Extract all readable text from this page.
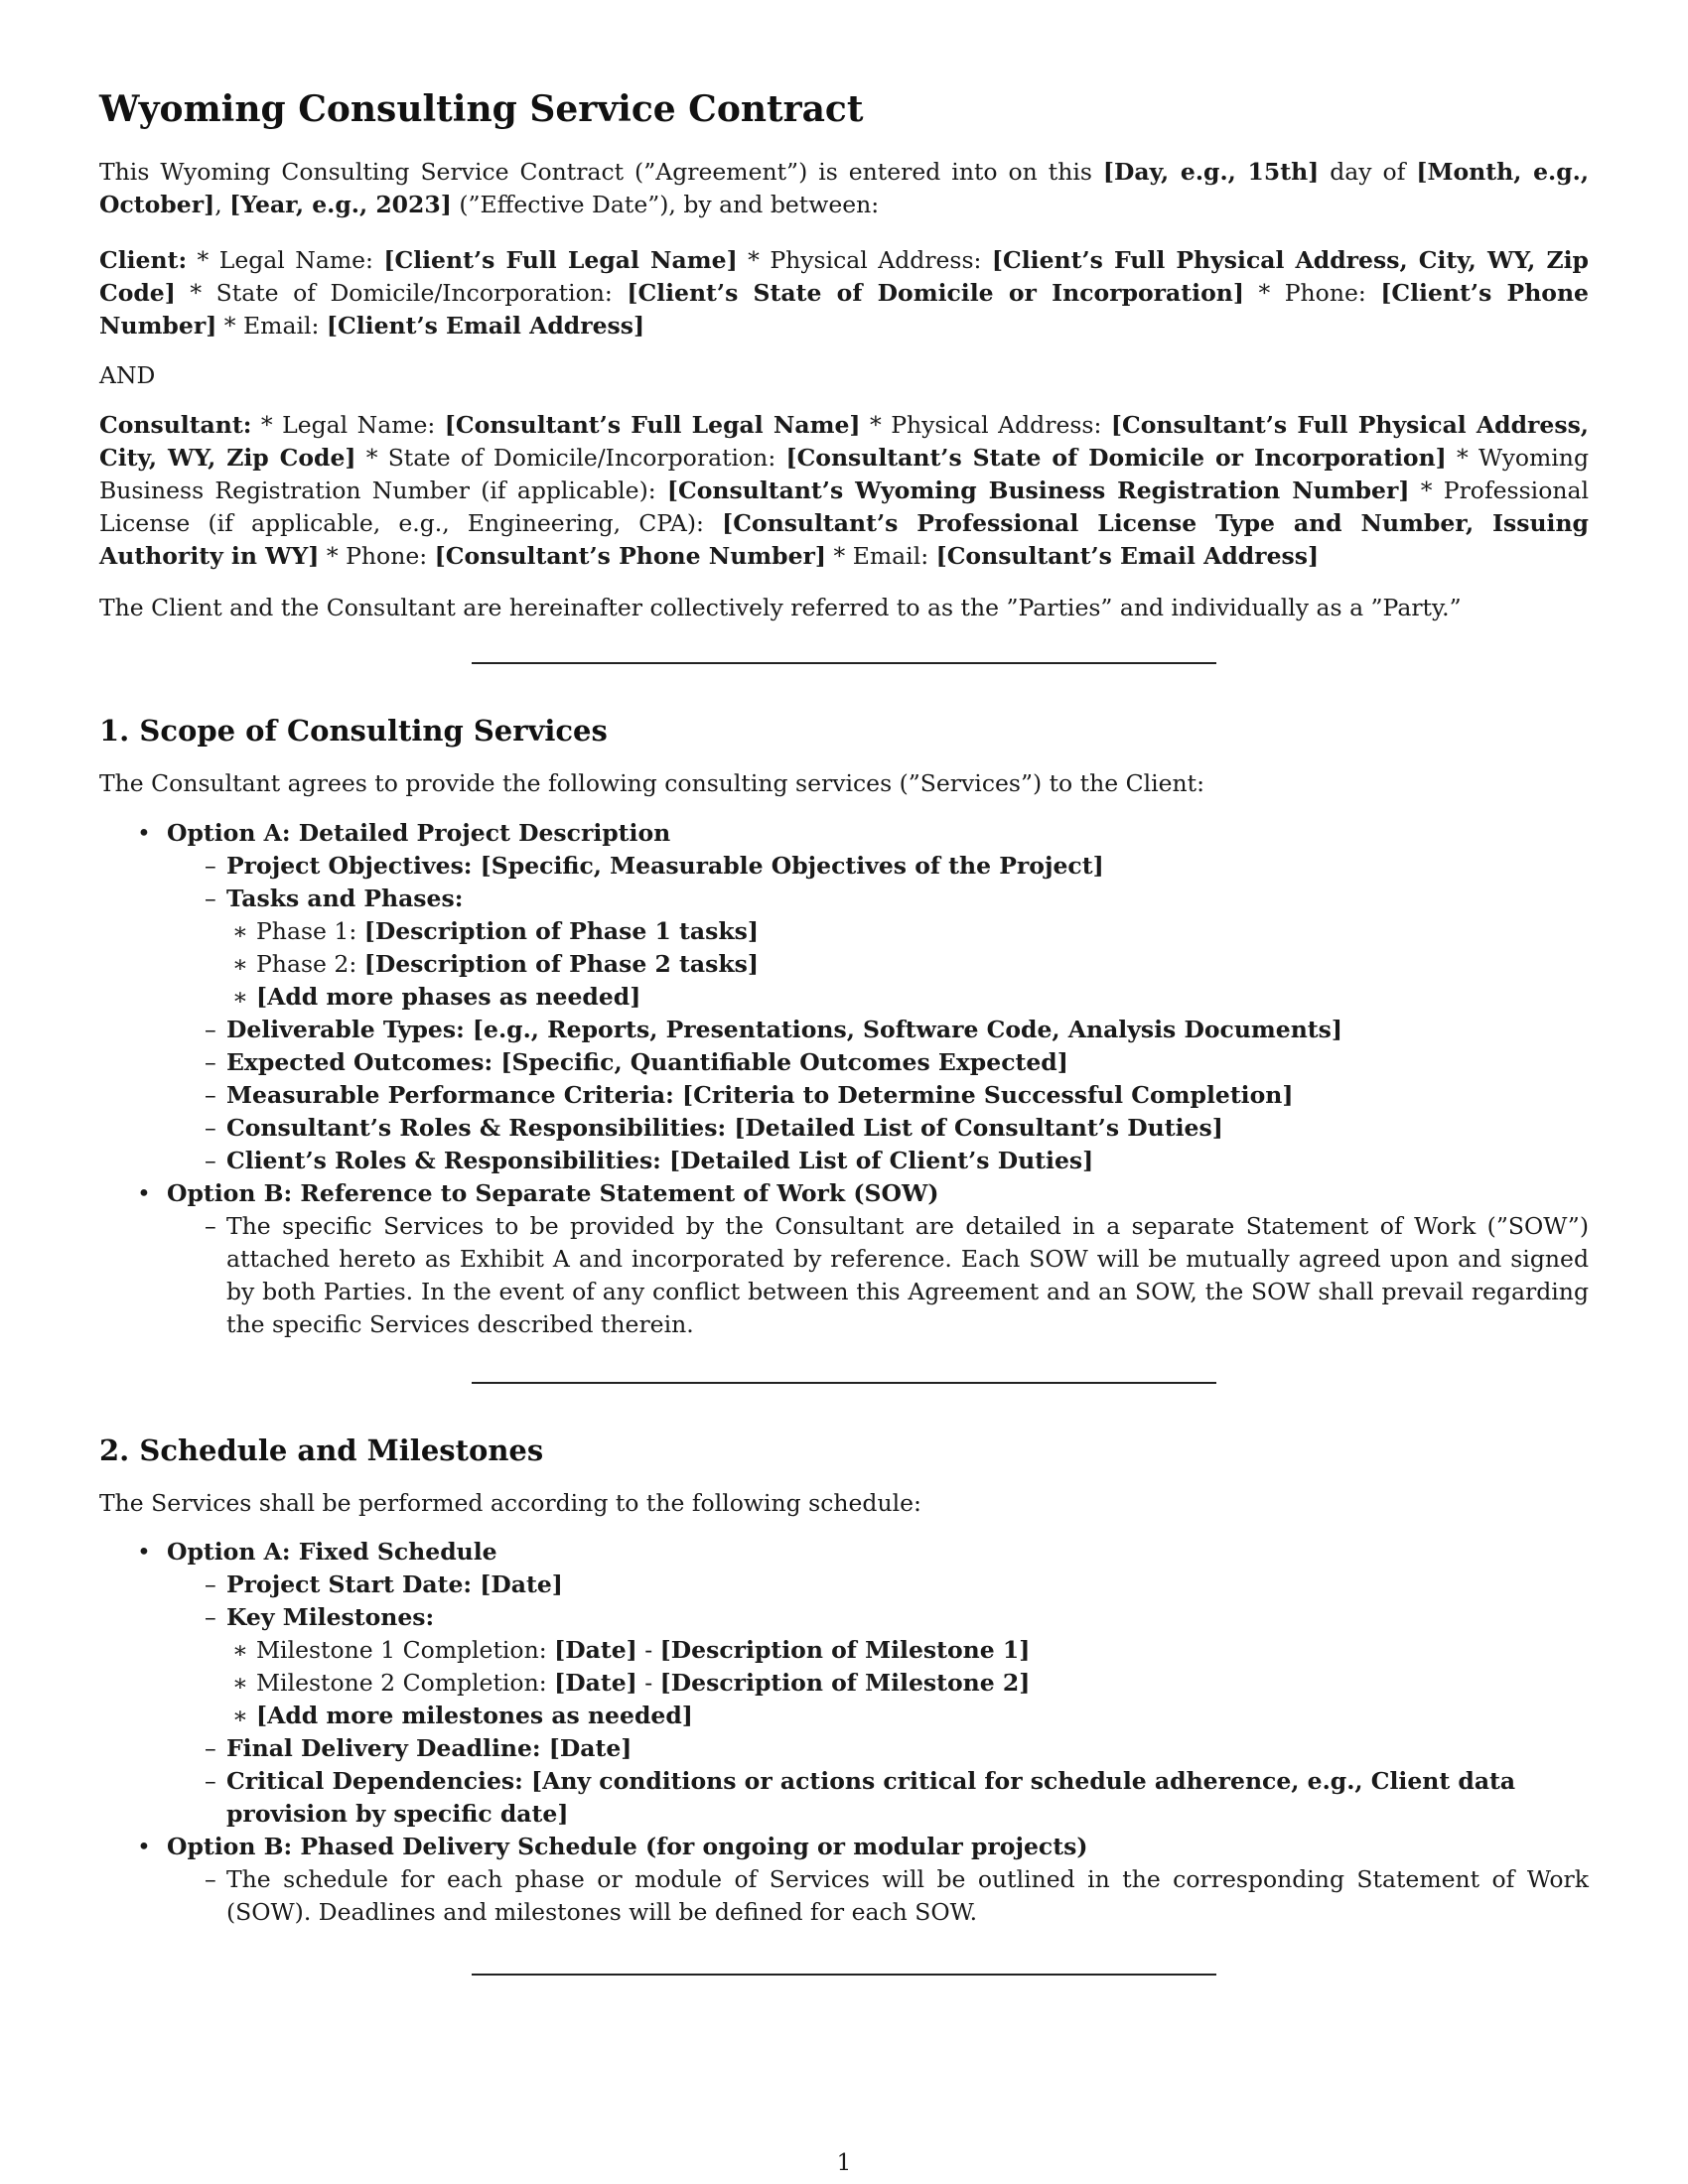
Wyoming Consulting Service Contract

This Wyoming Consulting Service Contract (”Agreement”) is entered into on this [Day, e.g., 15th] day of [Month, e.g., October], [Year, e.g., 2023] (”Effective Date”), by and between:

Client: * Legal Name: [Client’s Full Legal Name] * Physical Address: [Client’s Full Physical Address, City, WY, Zip Code] * State of Domicile/Incorporation: [Client’s State of Domicile or Incorporation] * Phone: [Client’s Phone Number] * Email: [Client’s Email Address]

AND

Consultant: * Legal Name: [Consultant’s Full Legal Name] * Physical Address: [Consultant’s Full Physical Address, City, WY, Zip Code] * State of Domicile/Incorporation: [Consultant’s State of Domicile or Incorporation] * Wyoming Business Registration Number (if applicable): [Consultant’s Wyoming Business Registration Number] * Professional License (if applicable, e.g., Engineering, CPA): [Consultant’s Professional License Type and Number, Issuing Authority in WY] * Phone: [Consultant’s Phone Number] * Email: [Consultant’s Email Address]

The Client and the Consultant are hereinafter collectively referred to as the ”Parties” and individually as a ”Party.”

1. Scope of Consulting Services

The Consultant agrees to provide the following consulting services (”Services”) to the Client:

• Option A: Detailed Project Description
– Project Objectives: [Specific, Measurable Objectives of the Project]
– Tasks and Phases:
∗ Phase 1: [Description of Phase 1 tasks]
∗ Phase 2: [Description of Phase 2 tasks]
∗ [Add more phases as needed]
– Deliverable Types: [e.g., Reports, Presentations, Software Code, Analysis Documents]
– Expected Outcomes: [Specific, Quantifiable Outcomes Expected]
– Measurable Performance Criteria: [Criteria to Determine Successful Completion]
– Consultant’s Roles & Responsibilities: [Detailed List of Consultant’s Duties]
– Client’s Roles & Responsibilities: [Detailed List of Client’s Duties]
• Option B: Reference to Separate Statement of Work (SOW)

– The specific Services to be provided by the Consultant are detailed in a separate Statement of Work (”SOW”) attached hereto as Exhibit A and incorporated by reference. Each SOW will be mutually agreed upon and signed by both Parties. In the event of any conflict between this Agreement and an SOW, the SOW shall prevail regarding the specific Services described therein.

2. Schedule and Milestones

The Services shall be performed according to the following schedule:

• Option A: Fixed Schedule
– Project Start Date: [Date]
– Key Milestones:
∗ Milestone 1 Completion: [Date] - [Description of Milestone 1]
∗ Milestone 2 Completion: [Date] - [Description of Milestone 2]
∗ [Add more milestones as needed]
– Final Delivery Deadline: [Date]
– Critical Dependencies: [Any conditions or actions critical for schedule adherence, e.g., Client data provision by specific date]
• Option B: Phased Delivery Schedule (for ongoing or modular projects)

– The schedule for each phase or module of Services will be outlined in the corresponding Statement of Work (SOW). Deadlines and milestones will be defined for each SOW.

1
